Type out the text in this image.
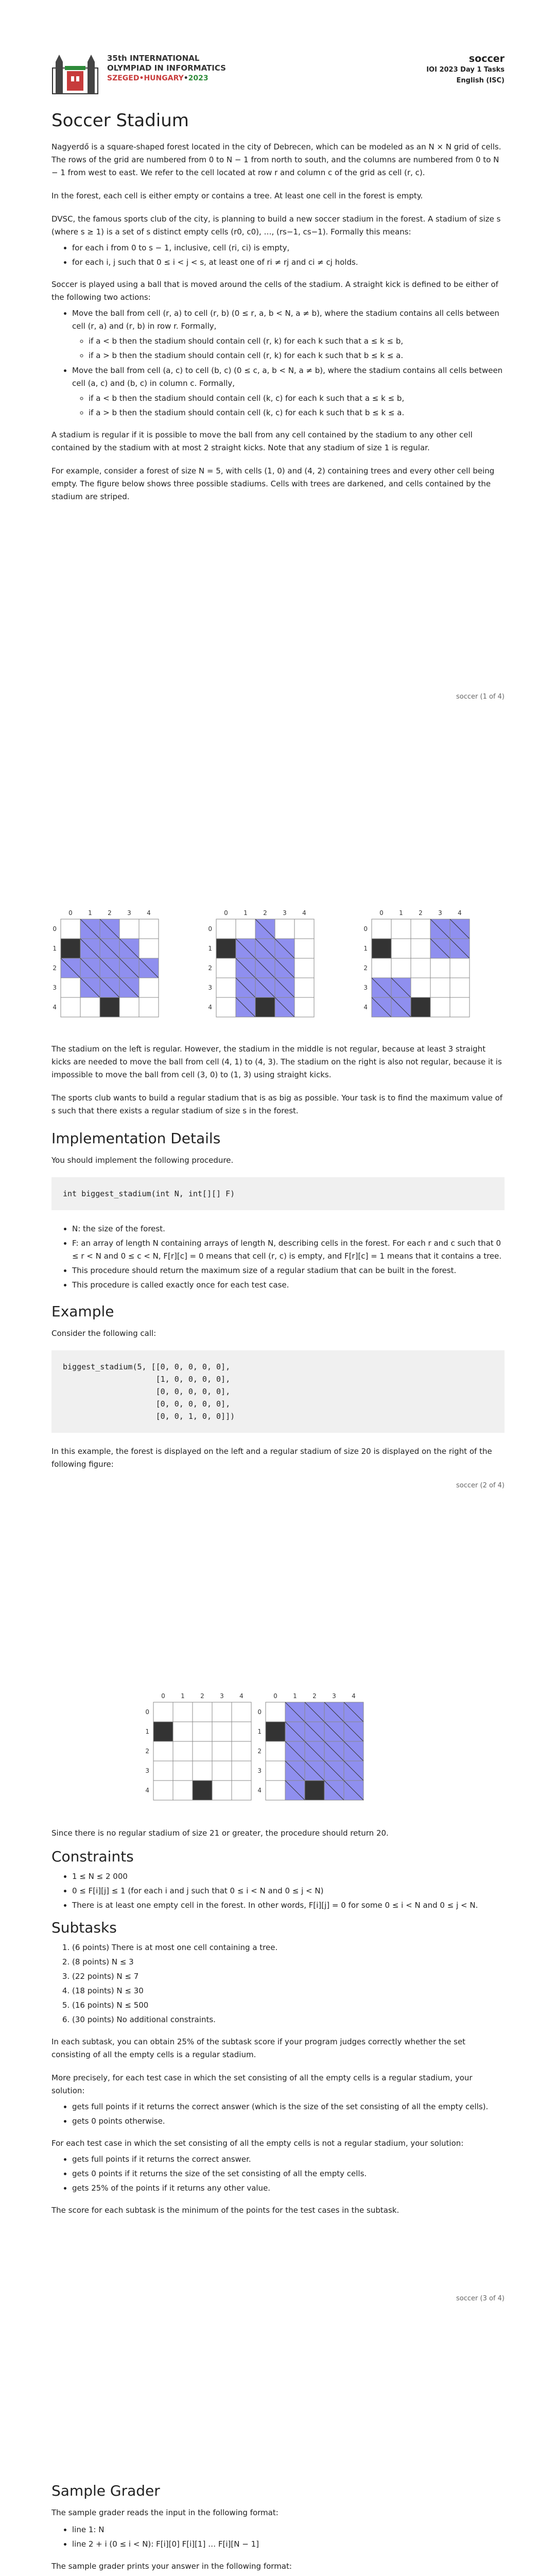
35th INTERNATIONAL
OLYMPIAD IN INFORMATICS
SZEGED•HUNGARY•2023
soccer
IOI 2023 Day 1 Tasks
English (ISC)
Soccer Stadium

Nagyerdő is a square-shaped forest located in the city of Debrecen, which can be modeled as an N × N grid of cells. The rows of the grid are numbered from 0 to N − 1 from north to south, and the columns are numbered from 0 to N − 1 from west to east. We refer to the cell located at row r and column c of the grid as cell (r, c).

In the forest, each cell is either empty or contains a tree. At least one cell in the forest is empty.

DVSC, the famous sports club of the city, is planning to build a new soccer stadium in the forest. A stadium of size s (where s ≥ 1) is a set of s distinct empty cells (r0, c0), …, (rs−1, cs−1). Formally this means:

• for each i from 0 to s − 1, inclusive, cell (ri, ci) is empty,
• for each i, j such that 0 ≤ i < j < s, at least one of ri ≠ rj and ci ≠ cj holds.

Soccer is played using a ball that is moved around the cells of the stadium. A straight kick is defined to be either of the following two actions:

• Move the ball from cell (r, a) to cell (r, b) (0 ≤ r, a, b < N, a ≠ b), where the stadium contains all cells between cell (r, a) and (r, b) in row r. Formally,
◦ if a < b then the stadium should contain cell (r, k) for each k such that a ≤ k ≤ b,
◦ if a > b then the stadium should contain cell (r, k) for each k such that b ≤ k ≤ a.
• Move the ball from cell (a, c) to cell (b, c) (0 ≤ c, a, b < N, a ≠ b), where the stadium contains all cells between cell (a, c) and (b, c) in column c. Formally,
◦ if a < b then the stadium should contain cell (k, c) for each k such that a ≤ k ≤ b,
◦ if a > b then the stadium should contain cell (k, c) for each k such that b ≤ k ≤ a.

A stadium is regular if it is possible to move the ball from any cell contained by the stadium to any other cell contained by the stadium with at most 2 straight kicks. Note that any stadium of size 1 is regular.

For example, consider a forest of size N = 5, with cells (1, 0) and (4, 2) containing trees and every other cell being empty. The figure below shows three possible stadiums. Cells with trees are darkened, and cells contained by the stadium are striped.

soccer (1 of 4)
0
0
1
1
2
2
3
3
4
4
0
0
1
1
2
2
3
3
4
4
0
0
1
1
2
2
3
3
4
4

The stadium on the left is regular. However, the stadium in the middle is not regular, because at least 3 straight kicks are needed to move the ball from cell (4, 1) to (4, 3). The stadium on the right is also not regular, because it is impossible to move the ball from cell (3, 0) to (1, 3) using straight kicks.

The sports club wants to build a regular stadium that is as big as possible. Your task is to find the maximum value of s such that there exists a regular stadium of size s in the forest.

Implementation Details

You should implement the following procedure.

int biggest_stadium(int N, int[][] F)
• N: the size of the forest.
• F: an array of length N containing arrays of length N, describing cells in the forest. For each r and c such that 0 ≤ r < N and 0 ≤ c < N, F[r][c] = 0 means that cell (r, c) is empty, and F[r][c] = 1 means that it contains a tree.
• This procedure should return the maximum size of a regular stadium that can be built in the forest.
• This procedure is called exactly once for each test case.
Example

Consider the following call:

biggest_stadium(5, [[0, 0, 0, 0, 0],
[1, 0, 0, 0, 0],
[0, 0, 0, 0, 0],
[0, 0, 0, 0, 0],
[0, 0, 1, 0, 0]])

In this example, the forest is displayed on the left and a regular stadium of size 20 is displayed on the right of the following figure:

soccer (2 of 4)
0
0
1
1
2
2
3
3
4
4
0
0
1
1
2
2
3
3
4
4

Since there is no regular stadium of size 21 or greater, the procedure should return 20.

Constraints
• 1 ≤ N ≤ 2 000
• 0 ≤ F[i][j] ≤ 1 (for each i and j such that 0 ≤ i < N and 0 ≤ j < N)
• There is at least one empty cell in the forest. In other words, F[i][j] = 0 for some 0 ≤ i < N and 0 ≤ j < N.
Subtasks
1. (6 points) There is at most one cell containing a tree.
2. (8 points) N ≤ 3
3. (22 points) N ≤ 7
4. (18 points) N ≤ 30
5. (16 points) N ≤ 500
6. (30 points) No additional constraints.

In each subtask, you can obtain 25% of the subtask score if your program judges correctly whether the set consisting of all the empty cells is a regular stadium.

More precisely, for each test case in which the set consisting of all the empty cells is a regular stadium, your solution:

• gets full points if it returns the correct answer (which is the size of the set consisting of all the empty cells).
• gets 0 points otherwise.

For each test case in which the set consisting of all the empty cells is not a regular stadium, your solution:

• gets full points if it returns the correct answer.
• gets 0 points if it returns the size of the set consisting of all the empty cells.
• gets 25% of the points if it returns any other value.

The score for each subtask is the minimum of the points for the test cases in the subtask.

soccer (3 of 4)
Sample Grader

The sample grader reads the input in the following format:

• line 1: N
• line 2 + i (0 ≤ i < N): F[i][0] F[i][1] … F[i][N − 1]

The sample grader prints your answer in the following format:
